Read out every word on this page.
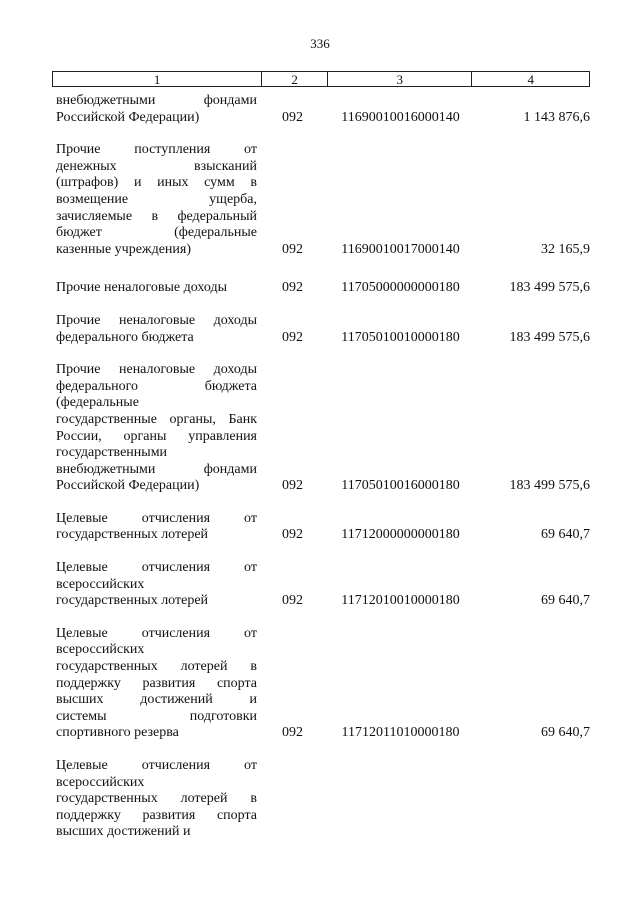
336
1	2	3	4
внебюджетными фондами
Российской Федерации)	092	11690010016000140	1 143 876,6
Прочие поступления от
денежных взысканий
(штрафов) и иных сумм в
возмещение ущерба,
зачисляемые в федеральный
бюджет (федеральные
казенные учреждения)	092	11690010017000140	32 165,9
Прочие неналоговые доходы	092	11705000000000180	183 499 575,6
Прочие неналоговые доходы
федерального бюджета	092	11705010010000180	183 499 575,6
Прочие неналоговые доходы
федерального бюджета
(федеральные
государственные органы, Банк
России, органы управления
государственными
внебюджетными фондами
Российской Федерации)	092	11705010016000180	183 499 575,6
Целевые отчисления от
государственных лотерей	092	11712000000000180	69 640,7
Целевые отчисления от
всероссийских
государственных лотерей	092	11712010010000180	69 640,7
Целевые отчисления от
всероссийских
государственных лотерей в
поддержку развития спорта
высших достижений и
системы подготовки
спортивного резерва	092	11712011010000180	69 640,7
Целевые отчисления от
всероссийских
государственных лотерей в
поддержку развития спорта
высших достижений и
